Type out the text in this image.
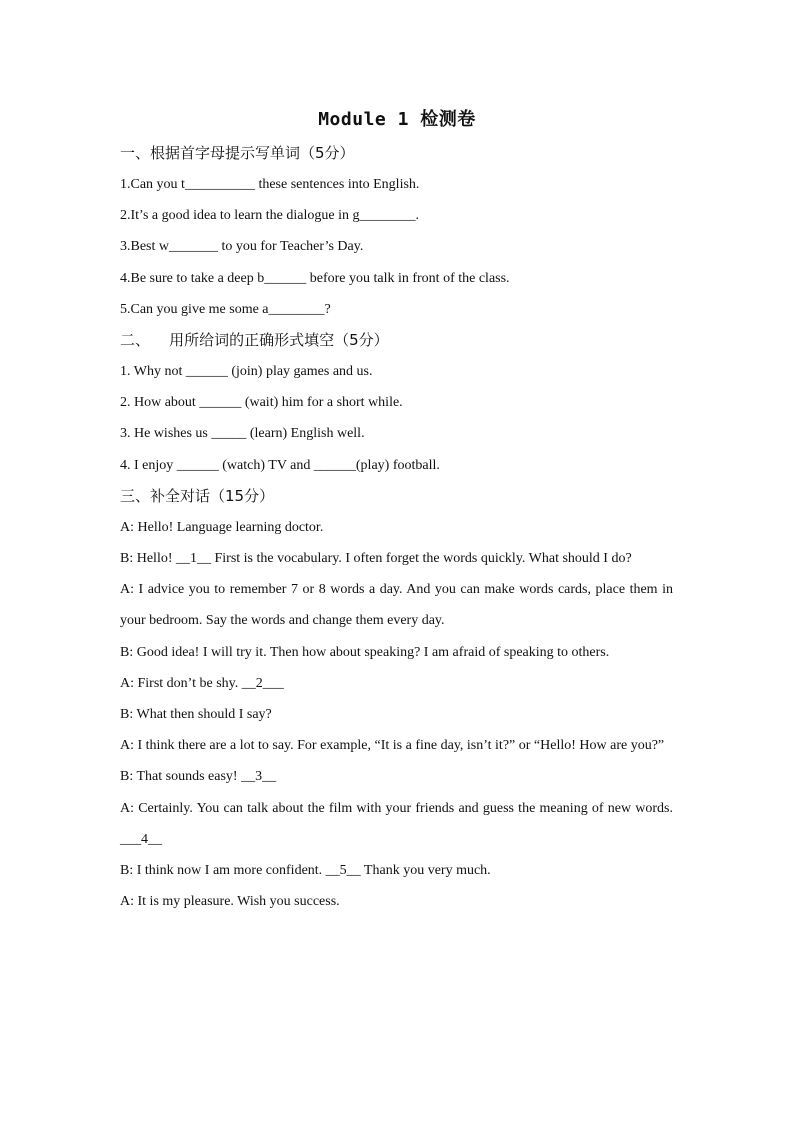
Module 1 检测卷
一、根据首字母提示写单词（5分）
1.Can you t__________ these sentences into English.
2.It’s a good idea to learn the dialogue in g________.
3.Best w_______ to you for Teacher’s Day.
4.Be sure to take a deep b______ before you talk in front of the class.
5.Can you give me some a________?
二、    用所给词的正确形式填空（5分）
1. Why not ______ (join) play games and us.
2. How about ______ (wait) him for a short while.
3. He wishes us _____ (learn) English well.
4. I enjoy ______ (watch) TV and ______(play) football.
三、补全对话（15分）
A: Hello! Language learning doctor.
B: Hello! __1__ First is the vocabulary. I often forget the words quickly. What should I do?
A: I advice you to remember 7 or 8 words a day. And you can make words cards, place them in your bedroom. Say the words and change them every day.
B: Good idea! I will try it. Then how about speaking? I am afraid of speaking to others.
A: First don’t be shy. __2___
B: What then should I say?
A: I think there are a lot to say. For example, “It is a fine day, isn’t it?” or “Hello! How are you?”
B: That sounds easy! __3__
A: Certainly. You can talk about the film with your friends and guess the meaning of new words. ___4__
B: I think now I am more confident. __5__ Thank you very much.
A: It is my pleasure. Wish you success.
